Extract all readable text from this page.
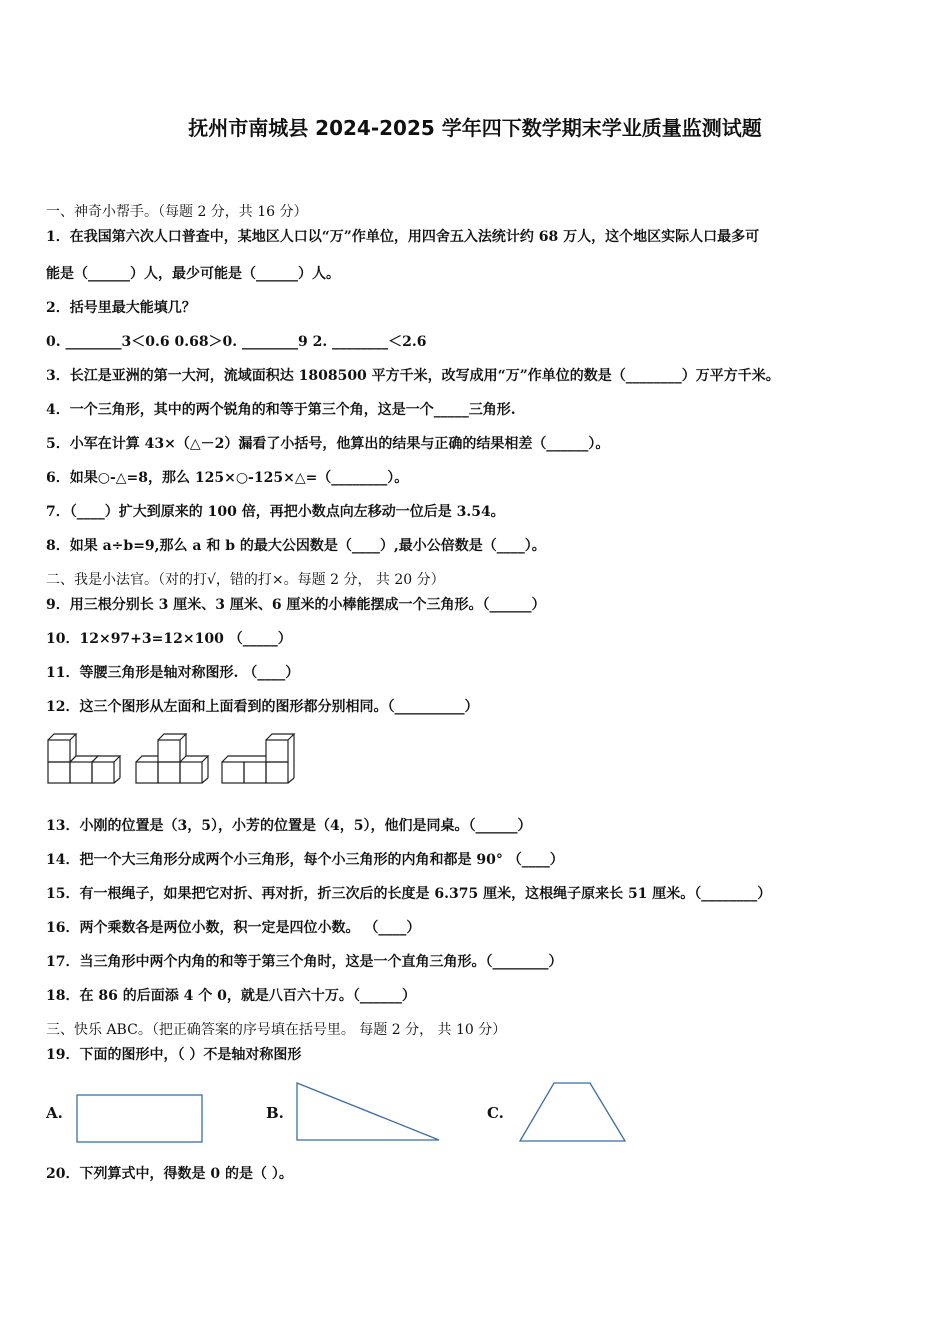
抚州市南城县 2024-2025 学年四下数学期末学业质量监测试题
一、神奇小帮手。（每题 2 分，共 16 分）
1．在我国第六次人口普查中，某地区人口以“万”作单位，用四舍五入法统计约 68 万人，这个地区实际人口最多可
能是（______）人，最少可能是（______）人。
2．括号里最大能填几？
0. ________3＜0.6 0.68＞0. ________9 2. ________＜2.6
3．长江是亚洲的第一大河，流域面积达 1808500 平方千米，改写成用“万”作单位的数是（________）万平方千米。
4．一个三角形，其中的两个锐角的和等于第三个角，这是一个_____三角形.
5．小军在计算 43×（△－2）漏看了小括号，他算出的结果与正确的结果相差（______）。
6．如果○-△=8，那么 125×○-125×△=（________）。
7．（____）扩大到原来的 100 倍，再把小数点向左移动一位后是 3.54。
8．如果 a÷b=9,那么 a 和 b 的最大公因数是（____）,最小公倍数是（____）。
二、我是小法官。（对的打√，错的打×。每题 2 分， 共 20 分）
9．用三根分别长 3 厘米、3 厘米、6 厘米的小棒能摆成一个三角形。（______）
10．12×97+3=12×100 （_____）
11．等腰三角形是轴对称图形. （____）
12．这三个图形从左面和上面看到的图形都分别相同。（__________）
13．小刚的位置是（3，5），小芳的位置是（4，5），他们是同桌。（______）
14．把一个大三角形分成两个小三角形，每个小三角形的内角和都是 90° （____）
15．有一根绳子，如果把它对折、再对折，折三次后的长度是 6.375 厘米，这根绳子原来长 51 厘米。（________）
16．两个乘数各是两位小数，积一定是四位小数。 （____）
17．当三角形中两个内角的和等于第三个角时，这是一个直角三角形。（________）
18．在 86 的后面添 4 个 0，就是八百六十万。（______）
三、快乐 ABC。（把正确答案的序号填在括号里。 每题 2 分， 共 10 分）
19．下面的图形中，（ ）不是轴对称图形
A.	B.	C.
20．下列算式中，得数是 0 的是（ ）。
